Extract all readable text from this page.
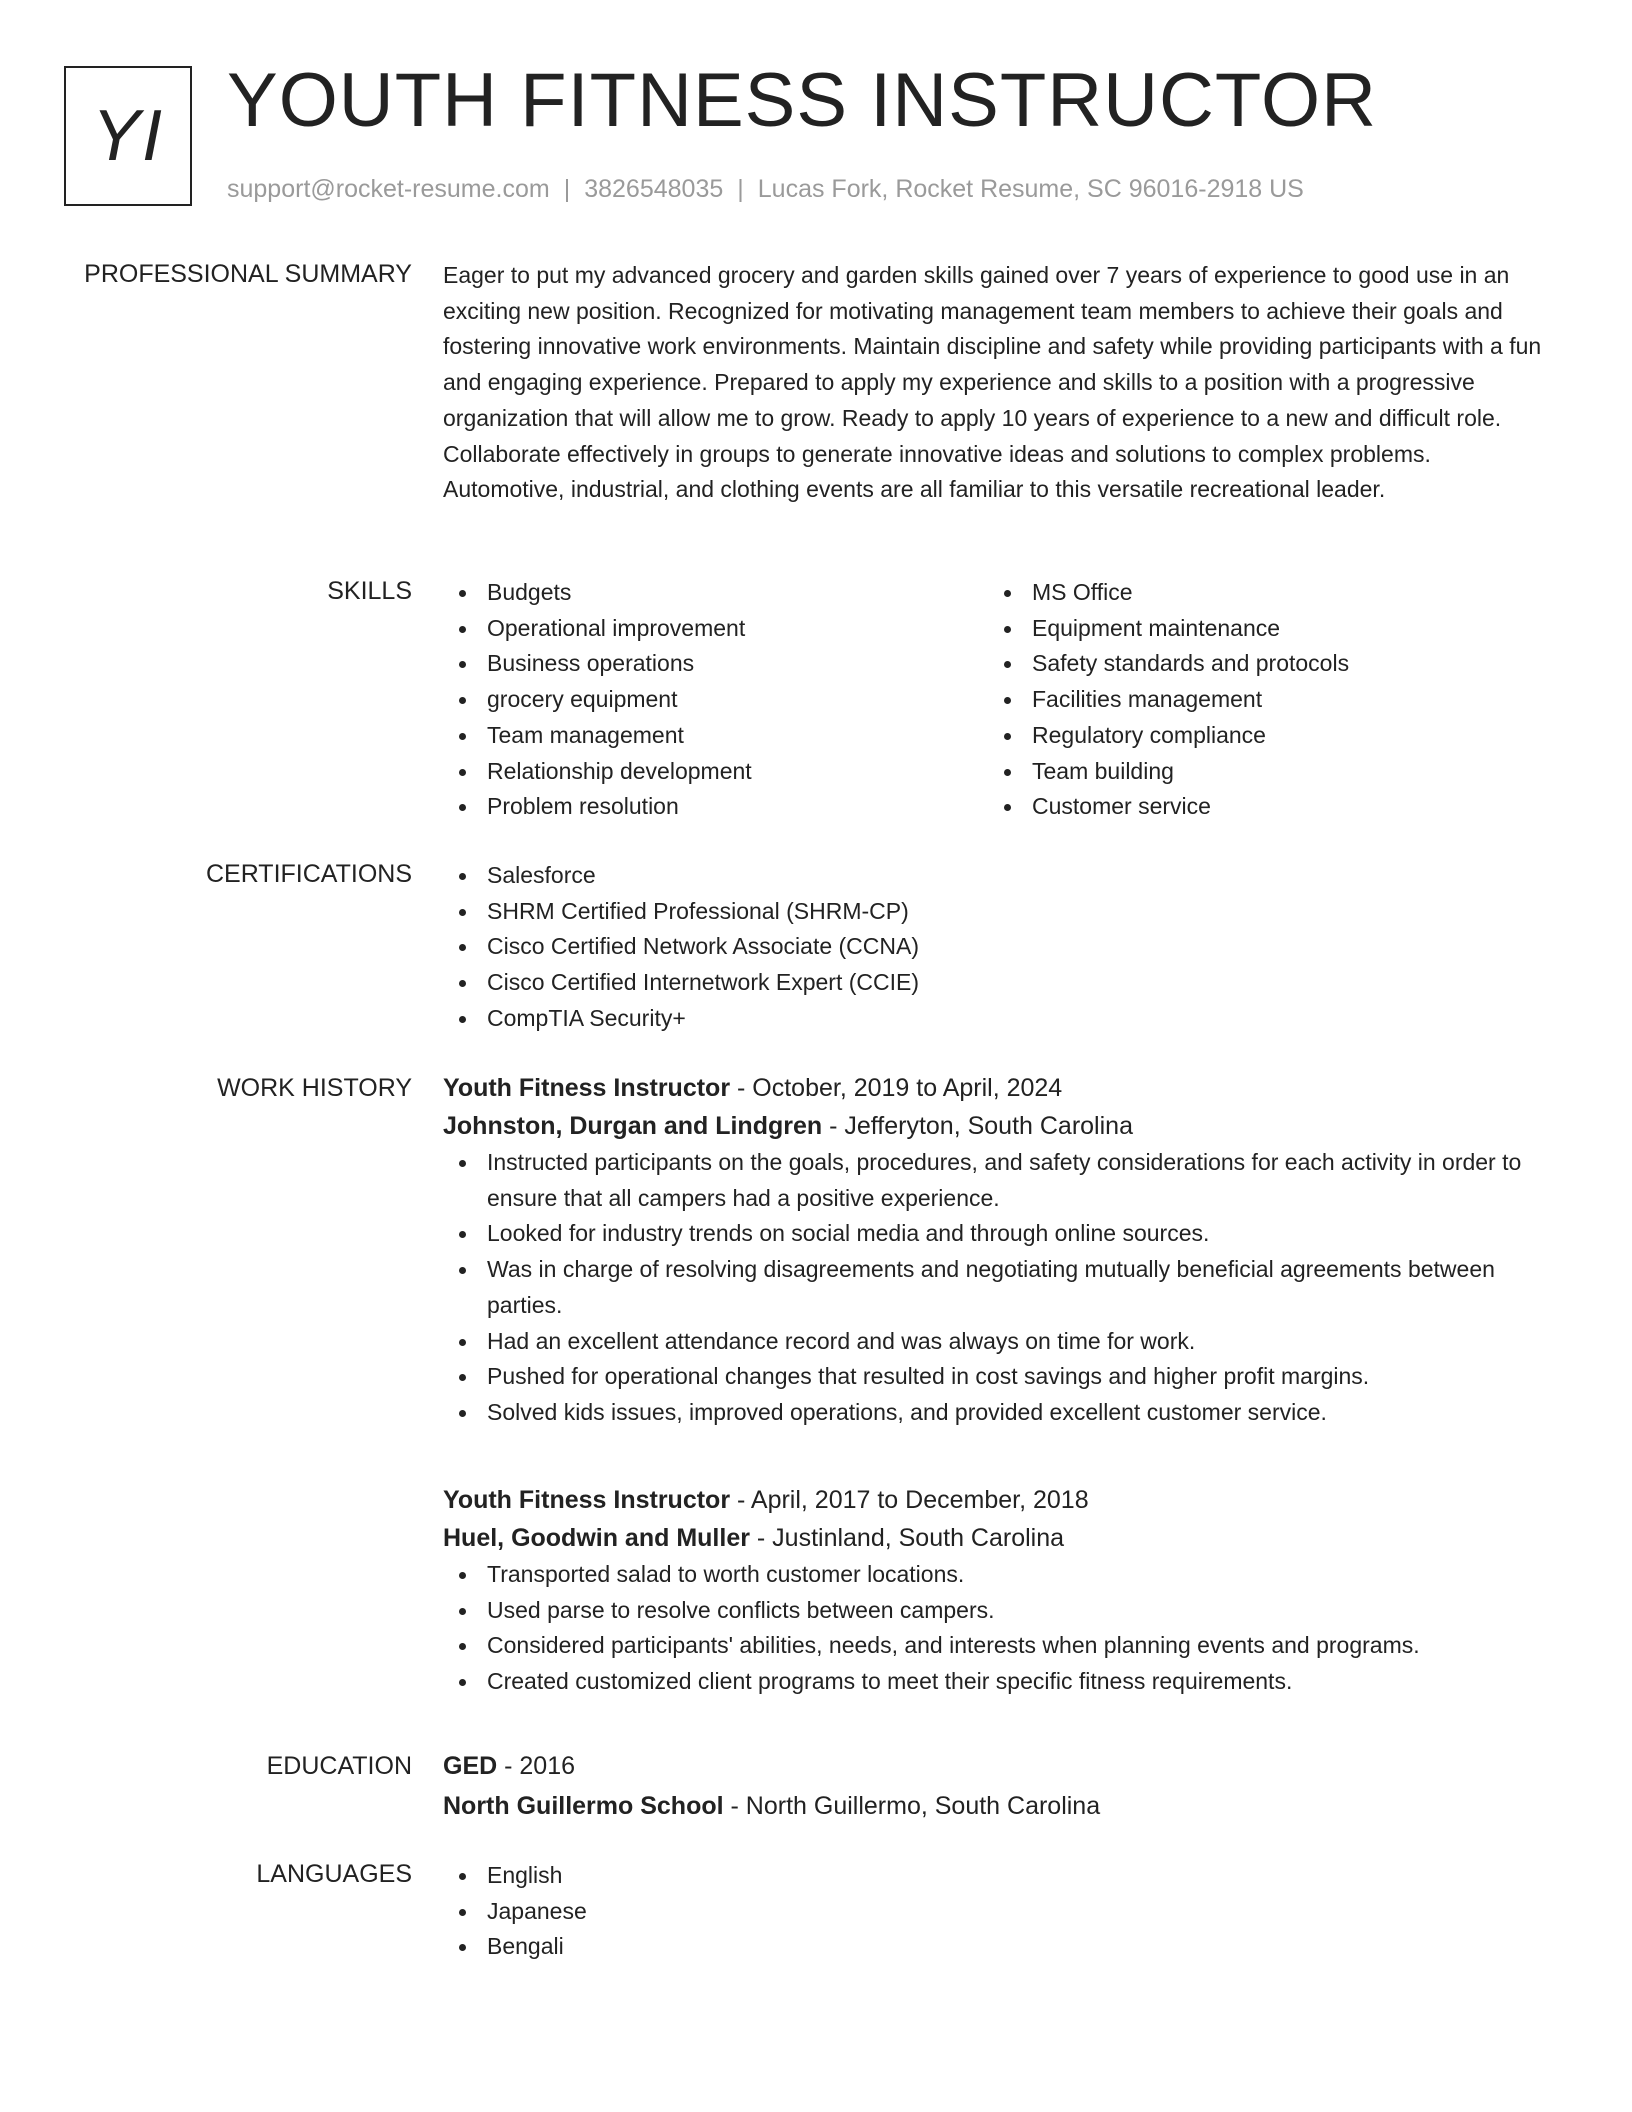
YI YOUTH FITNESS INSTRUCTOR
support@rocket-resume.com | 3826548035 | Lucas Fork, Rocket Resume, SC 96016-2918 US
PROFESSIONAL SUMMARY Eager to put my advanced grocery and garden skills gained over 7 years of experience to good use in an exciting new position. Recognized for motivating management team members to achieve their goals and fostering innovative work environments. Maintain discipline and safety while providing participants with a fun and engaging experience. Prepared to apply my experience and skills to a position with a progressive organization that will allow me to grow. Ready to apply 10 years of experience to a new and difficult role. Collaborate effectively in groups to generate innovative ideas and solutions to complex problems. Automotive, industrial, and clothing events are all familiar to this versatile recreational leader.

SKILLS	Budgets
Operational improvement
Business operations
grocery equipment
Team management
Relationship development
Problem resolution
MS Office
Equipment maintenance
Safety standards and protocols
Facilities management
Regulatory compliance
Team building
Customer service
CERTIFICATIONS	Salesforce
SHRM Certified Professional (SHRM-CP)
Cisco Certified Network Associate (CCNA)
Cisco Certified Internetwork Expert (CCIE)
CompTIA Security+
WORK HISTORY Youth Fitness Instructor - October, 2019 to April, 2024
Johnston, Durgan and Lindgren - Jefferyton, South Carolina
Instructed participants on the goals, procedures, and safety considerations for each activity in order to ensure that all campers had a positive experience.
Looked for industry trends on social media and through online sources.
Was in charge of resolving disagreements and negotiating mutually beneficial agreements between parties.
Had an excellent attendance record and was always on time for work.
Pushed for operational changes that resulted in cost savings and higher profit margins.
Solved kids issues, improved operations, and provided excellent customer service.
Youth Fitness Instructor - April, 2017 to December, 2018
Huel, Goodwin and Muller - Justinland, South Carolina
Transported salad to worth customer locations.
Used parse to resolve conflicts between campers.
Considered participants' abilities, needs, and interests when planning events and programs.
Created customized client programs to meet their specific fitness requirements.
EDUCATION GED - 2016
North Guillermo School - North Guillermo, South Carolina
LANGUAGES	English
Japanese
Bengali
